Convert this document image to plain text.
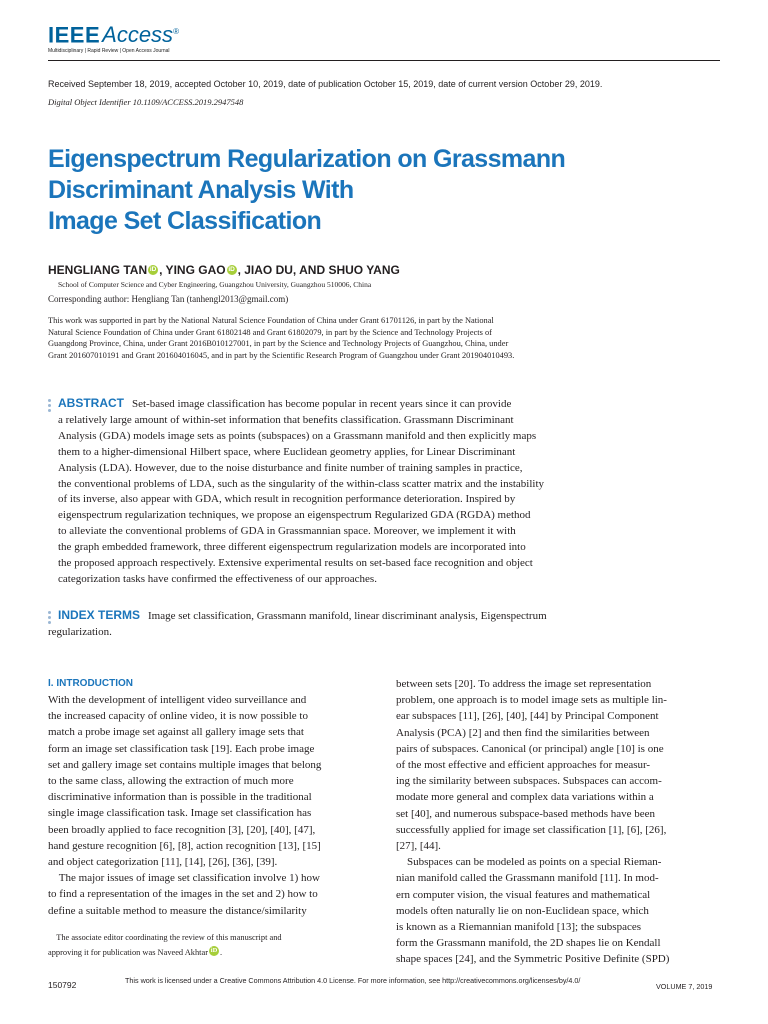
IEEEAccess®
Multidisciplinary | Rapid Review | Open Access Journal
Received September 18, 2019, accepted October 10, 2019, date of publication October 15, 2019, date of current version October 29, 2019.
Digital Object Identifier 10.1109/ACCESS.2019.2947548
Eigenspectrum Regularization on Grassmann
Discriminant Analysis With
Image Set Classification
HENGLIANG TAN iD , YING GAO iD , JIAO DU, AND SHUO YANG
School of Computer Science and Cyber Engineering, Guangzhou University, Guangzhou 510006, China
Corresponding author: Hengliang Tan (tanhengl2013@gmail.com)
This work was supported in part by the National Natural Science Foundation of China under Grant 61701126, in part by the National
Natural Science Foundation of China under Grant 61802148 and Grant 61802079, in part by the Science and Technology Projects of
Guangdong Province, China, under Grant 2016B010127001, in part by the Science and Technology Projects of Guangzhou, China, under
Grant 201607010191 and Grant 201604016045, and in part by the Scientific Research Program of Guangzhou under Grant 201904010493.
ABSTRACT Set-based image classification has become popular in recent years since it can provide
a relatively large amount of within-set information that benefits classification. Grassmann Discriminant
Analysis (GDA) models image sets as points (subspaces) on a Grassmann manifold and then explicitly maps
them to a higher-dimensional Hilbert space, where Euclidean geometry applies, for Linear Discriminant
Analysis (LDA). However, due to the noise disturbance and finite number of training samples in practice,
the conventional problems of LDA, such as the singularity of the within-class scatter matrix and the instability
of its inverse, also appear with GDA, which result in recognition performance deterioration. Inspired by
eigenspectrum regularization techniques, we propose an eigenspectrum Regularized GDA (RGDA) method
to alleviate the conventional problems of GDA in Grassmannian space. Moreover, we implement it with
the graph embedded framework, three different eigenspectrum regularization models are incorporated into
the proposed approach respectively. Extensive experimental results on set-based face recognition and object
categorization tasks have confirmed the effectiveness of our approaches.
INDEX TERMS Image set classification, Grassmann manifold, linear discriminant analysis, Eigenspectrum
regularization.
I. INTRODUCTION
With the development of intelligent video surveillance and
the increased capacity of online video, it is now possible to
match a probe image set against all gallery image sets that
form an image set classification task [19]. Each probe image
set and gallery image set contains multiple images that belong
to the same class, allowing the extraction of much more
discriminative information than is possible in the traditional
single image classification task. Image set classification has
been broadly applied to face recognition [3], [20], [40], [47],
hand gesture recognition [6], [8], action recognition [13], [15]
and object categorization [11], [14], [26], [36], [39].
The major issues of image set classification involve 1) how
to find a representation of the images in the set and 2) how to
define a suitable method to measure the distance/similarity
between sets [20]. To address the image set representation
problem, one approach is to model image sets as multiple lin-
ear subspaces [11], [26], [40], [44] by Principal Component
Analysis (PCA) [2] and then find the similarities between
pairs of subspaces. Canonical (or principal) angle [10] is one
of the most effective and efficient approaches for measur-
ing the similarity between subspaces. Subspaces can accom-
modate more general and complex data variations within a
set [40], and numerous subspace-based methods have been
successfully applied for image set classification [1], [6], [26],
[27], [44].
Subspaces can be modeled as points on a special Rieman-
nian manifold called the Grassmann manifold [11]. In mod-
ern computer vision, the visual features and mathematical
models often naturally lie on non-Euclidean space, which
is known as a Riemannian manifold [13]; the subspaces
form the Grassmann manifold, the 2D shapes lie on Kendall
shape spaces [24], and the Symmetric Positive Definite (SPD)
The associate editor coordinating the review of this manuscript and
approving it for publication was Naveed Akhtar iD .
150792	This work is licensed under a Creative Commons Attribution 4.0 License. For more information, see http://creativecommons.org/licenses/by/4.0/
VOLUME 7, 2019
